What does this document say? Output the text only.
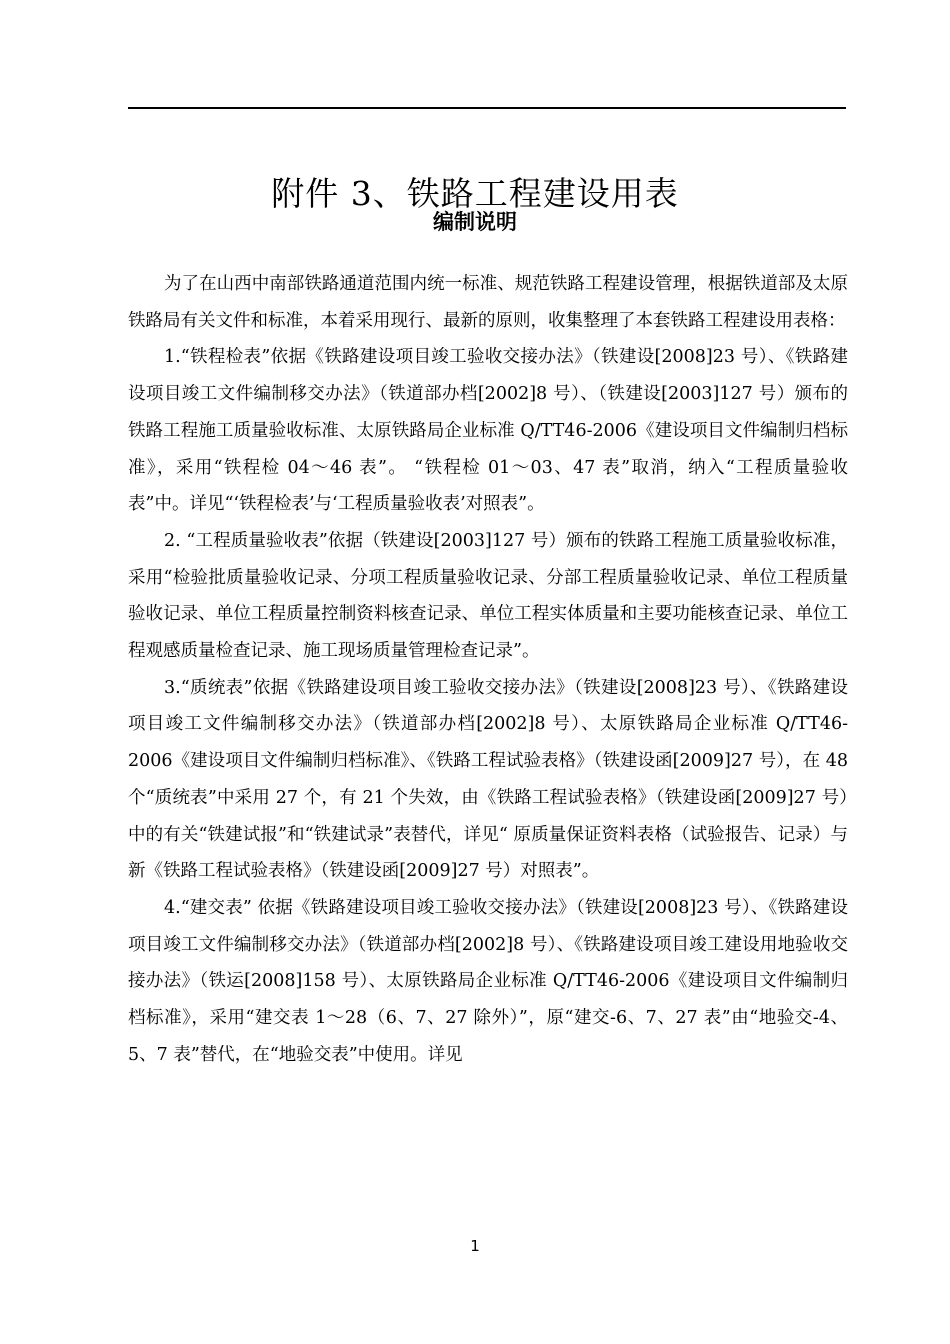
附件 3、铁路工程建设用表
编制说明

为了在山西中南部铁路通道范围内统一标准、规范铁路工程建设管理，根据铁道部及太原铁路局有关文件和标准，本着采用现行、最新的原则，收集整理了本套铁路工程建设用表格：

1.“铁程检表”依据《铁路建设项目竣工验收交接办法》（铁建设[2008]23 号）、《铁路建设项目竣工文件编制移交办法》（铁道部办档[2002]8 号）、（铁建设[2003]127 号）颁布的铁路工程施工质量验收标准、太原铁路局企业标准 Q/TT46-2006《建设项目文件编制归档标准》，采用“铁程检 04～46 表”。 “铁程检 01～03、47 表”取消，纳入“工程质量验收表”中。详见“‘铁程检表’与‘工程质量验收表’对照表”。

2. “工程质量验收表”依据（铁建设[2003]127 号）颁布的铁路工程施工质量验收标准，采用“检验批质量验收记录、分项工程质量验收记录、分部工程质量验收记录、单位工程质量验收记录、单位工程质量控制资料核查记录、单位工程实体质量和主要功能核查记录、单位工程观感质量检查记录、施工现场质量管理检查记录”。

3.“质统表”依据《铁路建设项目竣工验收交接办法》（铁建设[2008]23 号）、《铁路建设项目竣工文件编制移交办法》（铁道部办档[2002]8 号）、太原铁路局企业标准 Q/TT46-2006《建设项目文件编制归档标准》、《铁路工程试验表格》（铁建设函[2009]27 号），在 48 个“质统表”中采用 27 个，有 21 个失效，由《铁路工程试验表格》（铁建设函[2009]27 号）中的有关“铁建试报”和“铁建试录”表替代，详见“ 原质量保证资料表格（试验报告、记录）与新《铁路工程试验表格》（铁建设函[2009]27 号）对照表”。

4.“建交表” 依据《铁路建设项目竣工验收交接办法》（铁建设[2008]23 号）、《铁路建设项目竣工文件编制移交办法》（铁道部办档[2002]8 号）、《铁路建设项目竣工建设用地验收交接办法》（铁运[2008]158 号）、太原铁路局企业标准 Q/TT46-2006《建设项目文件编制归档标准》，采用“建交表 1～28（6、7、27 除外）”，原“建交-6、7、27 表”由“地验交-4、5、7 表”替代，在“地验交表”中使用。详见

1
